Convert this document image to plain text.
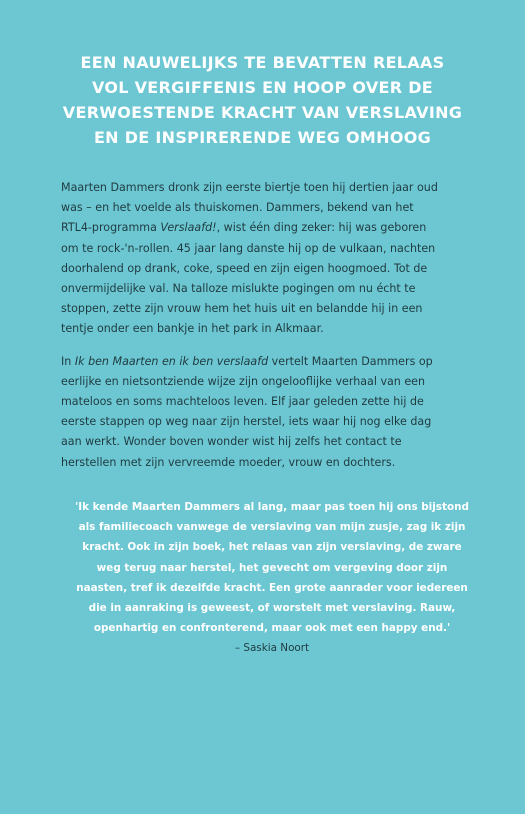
EEN NAUWELIJKS TE BEVATTEN RELAAS
VOL VERGIFFENIS EN HOOP OVER DE
VERWOESTENDE KRACHT VAN VERSLAVING
EN DE INSPIRERENDE WEG OMHOOG
Maarten Dammers dronk zijn eerste biertje toen hij dertien jaar oud
was – en het voelde als thuiskomen. Dammers, bekend van het
RTL4-programma Verslaafd!, wist één ding zeker: hij was geboren
om te rock-'n-rollen. 45 jaar lang danste hij op de vulkaan, nachten
doorhalend op drank, coke, speed en zijn eigen hoogmoed. Tot de
onvermijdelijke val. Na talloze mislukte pogingen om nu écht te
stoppen, zette zijn vrouw hem het huis uit en belandde hij in een
tentje onder een bankje in het park in Alkmaar.
In Ik ben Maarten en ik ben verslaafd vertelt Maarten Dammers op
eerlijke en nietsontziende wijze zijn ongelooflijke verhaal van een
mateloos en soms machteloos leven. Elf jaar geleden zette hij de
eerste stappen op weg naar zijn herstel, iets waar hij nog elke dag
aan werkt. Wonder boven wonder wist hij zelfs het contact te
herstellen met zijn vervreemde moeder, vrouw en dochters.
'Ik kende Maarten Dammers al lang, maar pas toen hij ons bijstond
als familiecoach vanwege de verslaving van mijn zusje, zag ik zijn
kracht. Ook in zijn boek, het relaas van zijn verslaving, de zware
weg terug naar herstel, het gevecht om vergeving door zijn
naasten, tref ik dezelfde kracht. Een grote aanrader voor iedereen
die in aanraking is geweest, of worstelt met verslaving. Rauw,
openhartig en confronterend, maar ook met een happy end.'
– Saskia Noort
